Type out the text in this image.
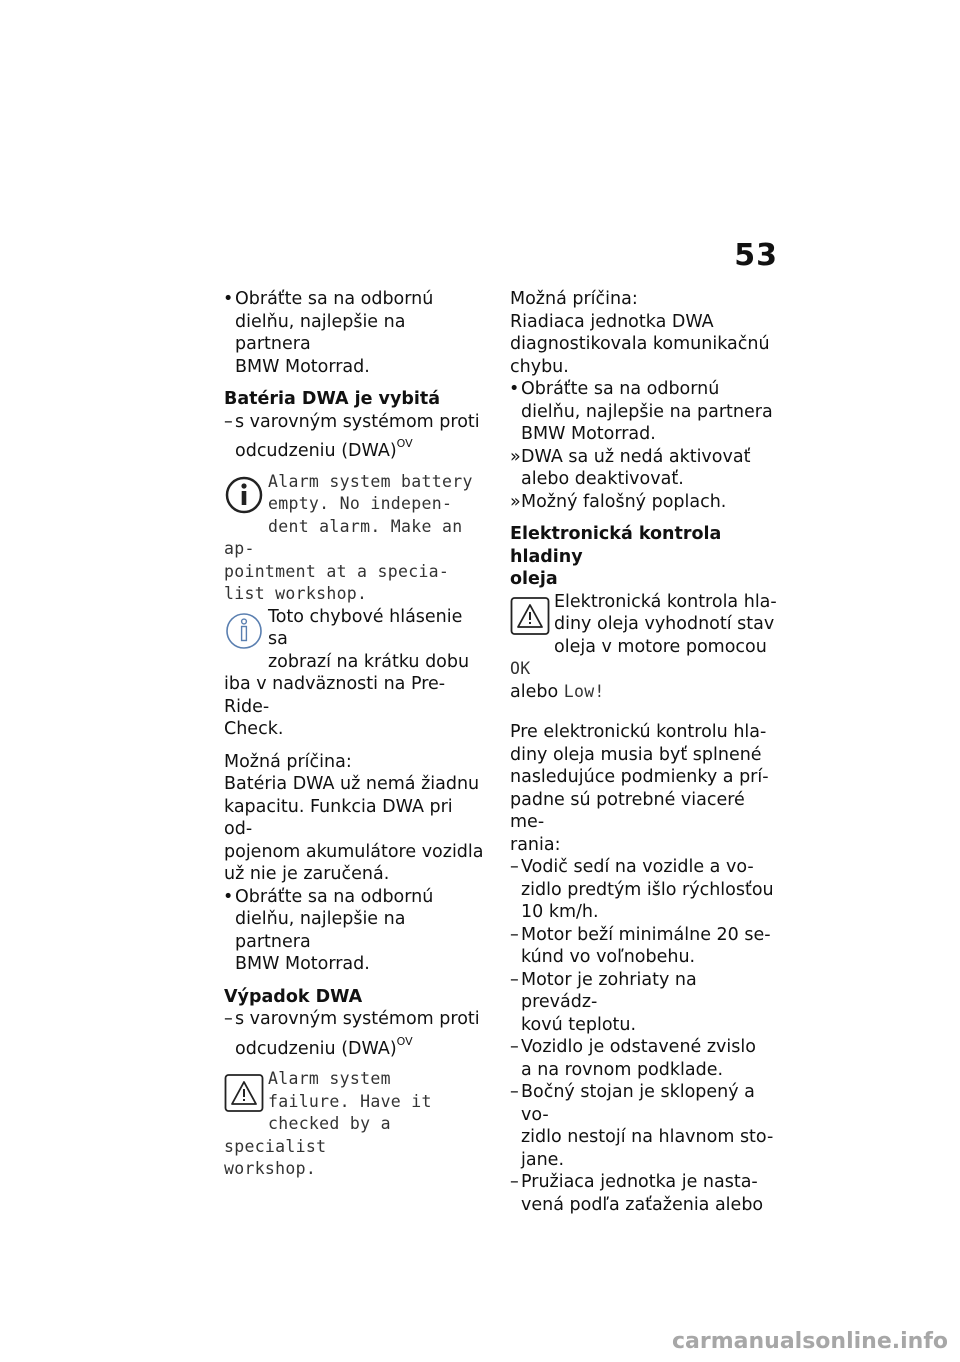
53
• Obráťte sa na odbornú
dielňu, najlepšie na partnera
BMW Motorrad.
Batéria DWA je vybitá
– s varovným systémom proti
odcudzeniu (DWA)$^{OV}$
Alarm system battery
empty. No indepen-
dent alarm. Make an ap-
pointment at a specia-
list workshop.
Toto chybové hlásenie sa
zobrazí na krátku dobu
iba v nadväznosti na Pre-Ride-
Check.
Možná príčina:
Batéria DWA už nemá žiadnu
kapacitu. Funkcia DWA pri od-
pojenom akumulátore vozidla
už nie je zaručená.
• Obráťte sa na odbornú
dielňu, najlepšie na partnera
BMW Motorrad.
Výpadok DWA
– s varovným systémom proti
odcudzeniu (DWA)$^{OV}$
Alarm system
failure. Have it
checked by a specialist
workshop.
Možná príčina:
Riadiaca jednotka DWA
diagnostikovala komunikačnú
chybu.
• Obráťte sa na odbornú
dielňu, najlepšie na partnera
BMW Motorrad.
» DWA sa už nedá aktivovať
alebo deaktivovať.
» Možný falošný poplach.
Elektronická kontrola hladiny
oleja
Elektronická kontrola hla-
diny oleja vyhodnotí stav
oleja v motore pomocou OK
alebo Low!
Pre elektronickú kontrolu hla-
diny oleja musia byť splnené
nasledujúce podmienky a prí-
padne sú potrebné viaceré me-
rania:
– Vodič sedí na vozidle a vo-
zidlo predtým išlo rýchlosťou
10 km/h.
– Motor beží minimálne 20 se-
kúnd vo voľnobehu.
– Motor je zohriaty na prevádz-
kovú teplotu.
– Vozidlo je odstavené zvislo
a na rovnom podklade.
– Bočný stojan je sklopený a vo-
zidlo nestojí na hlavnom sto-
jane.
– Pružiaca jednotka je nasta-
vená podľa zaťaženia alebo
carmanualsonline.info
